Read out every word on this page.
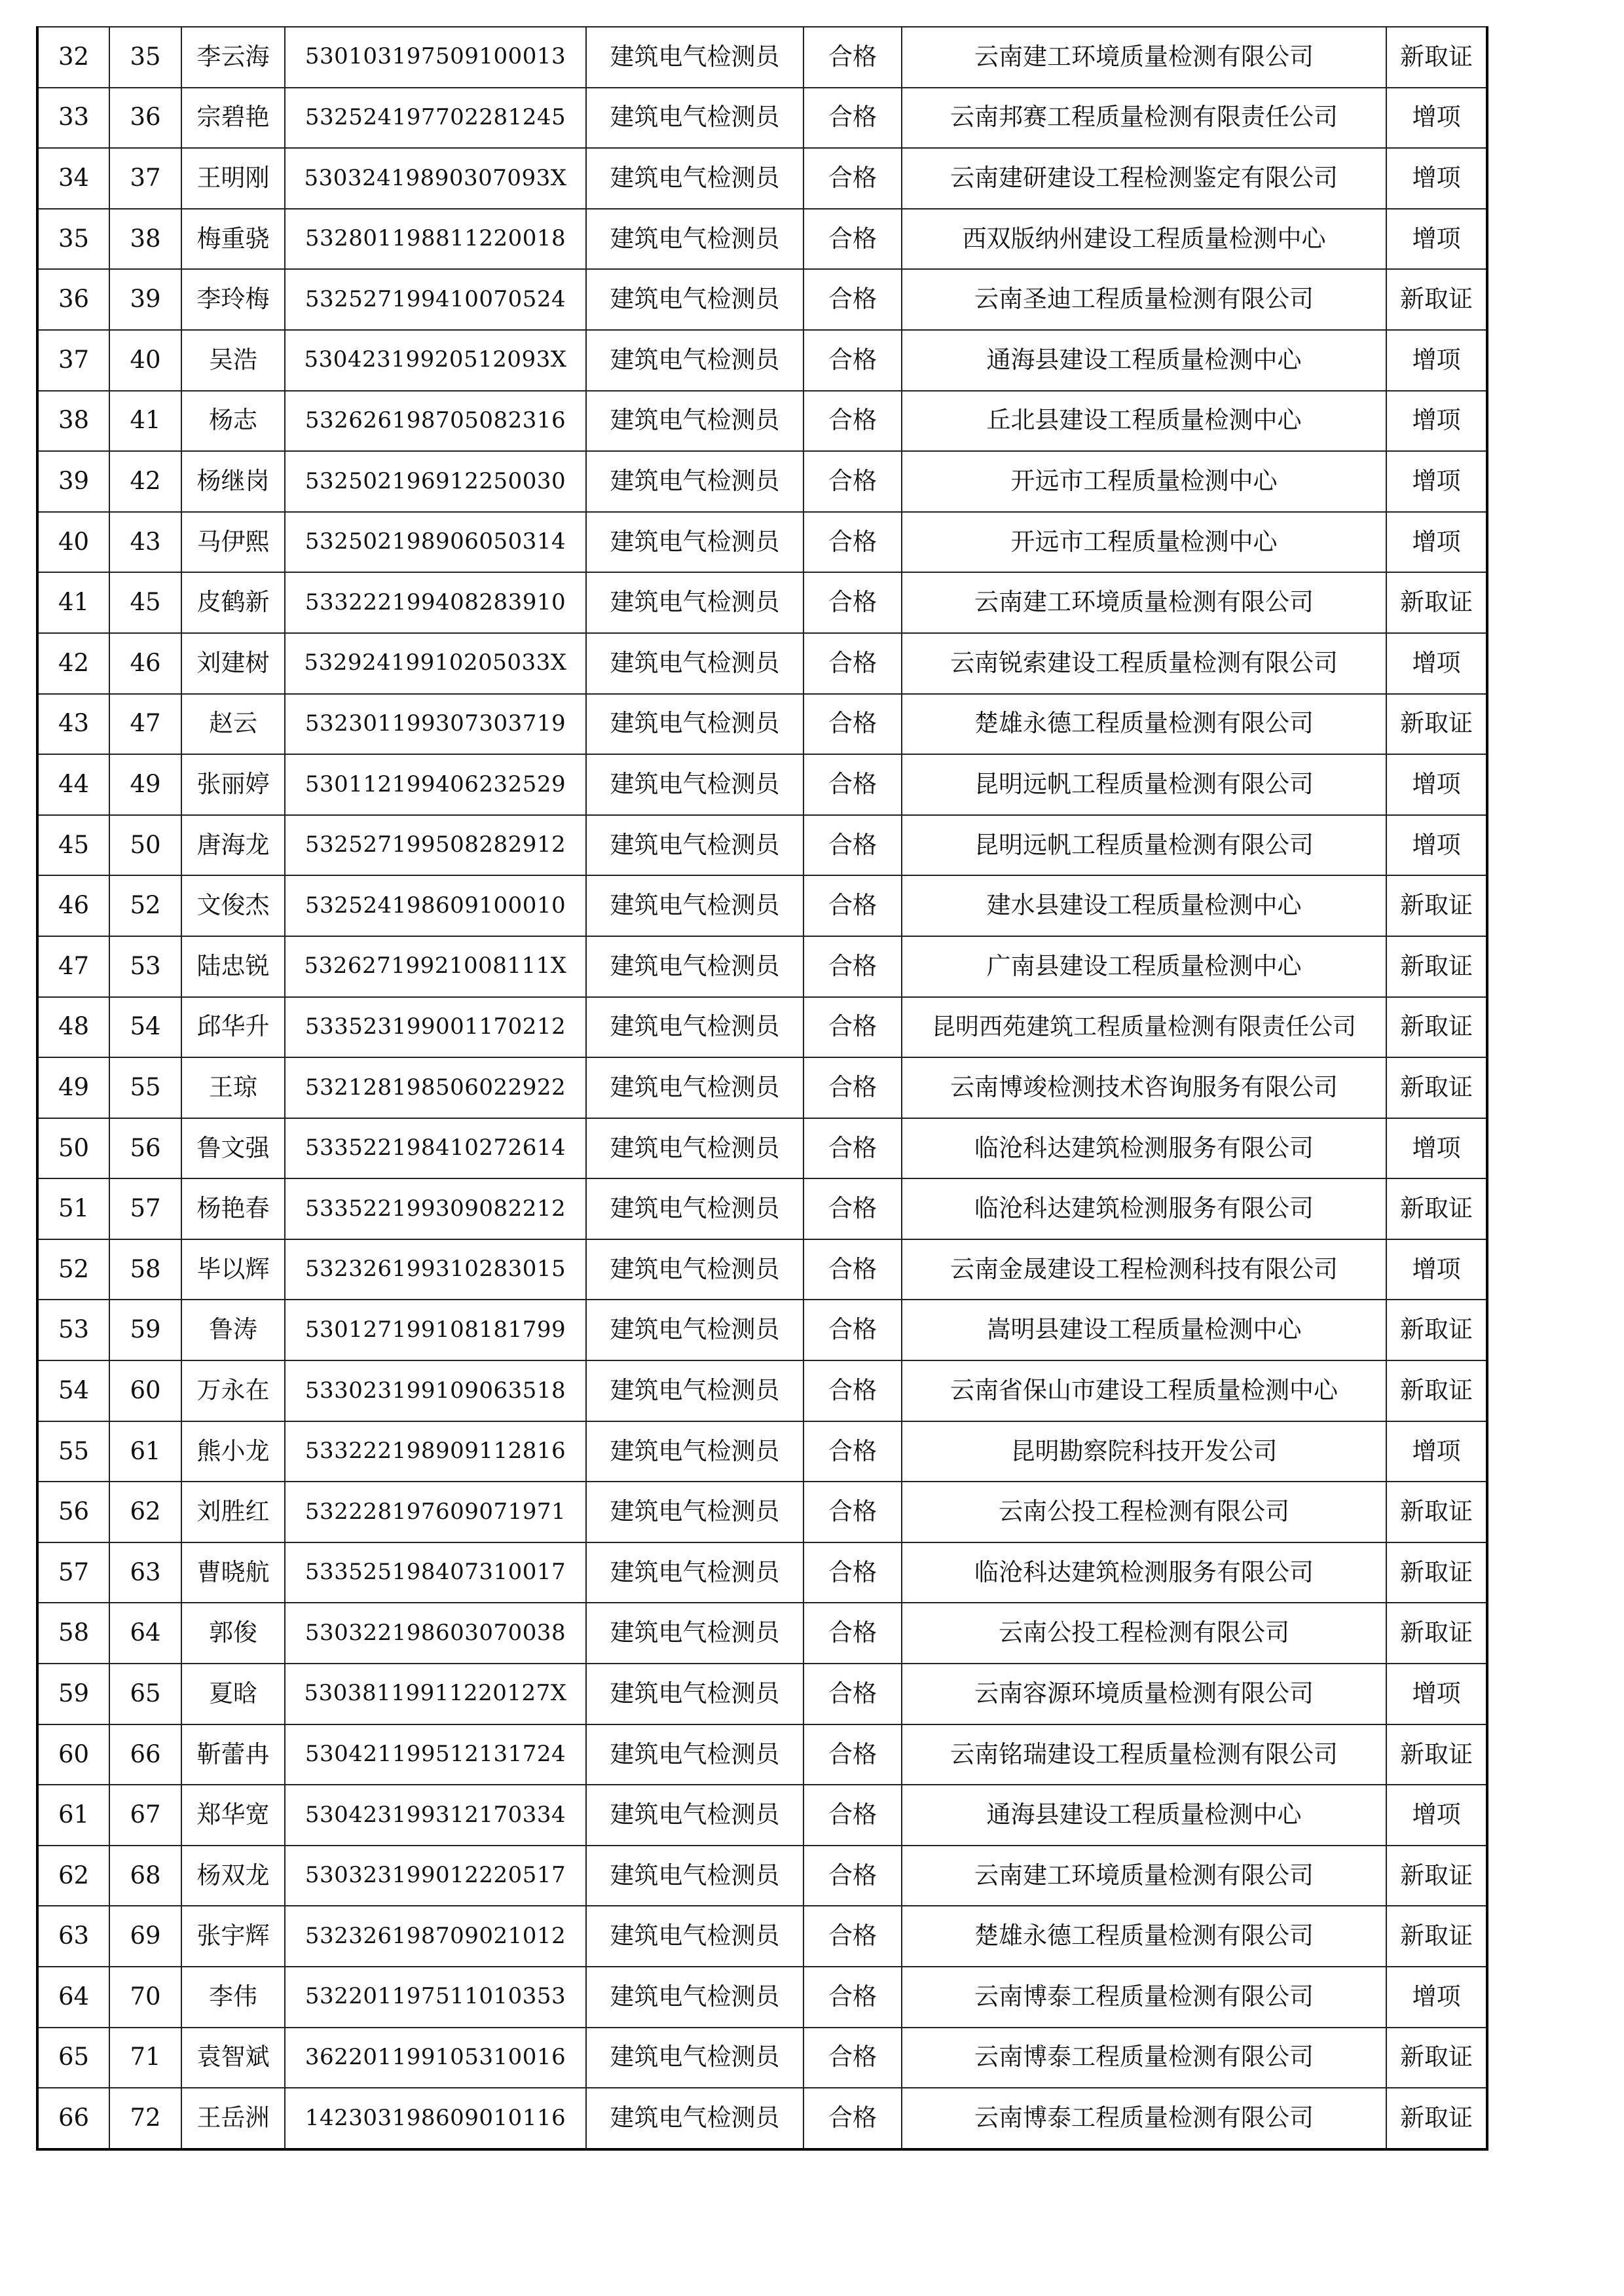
32	35	李云海	530103197509100013	建筑电气检测员	合格	云南建工环境质量检测有限公司	新取证
33	36	宗碧艳	532524197702281245	建筑电气检测员	合格	云南邦赛工程质量检测有限责任公司	增项
34	37	王明刚	53032419890307093X	建筑电气检测员	合格	云南建研建设工程检测鉴定有限公司	增项
35	38	梅重骁	532801198811220018	建筑电气检测员	合格	西双版纳州建设工程质量检测中心	增项
36	39	李玲梅	532527199410070524	建筑电气检测员	合格	云南圣迪工程质量检测有限公司	新取证
37	40	吴浩	53042319920512093X	建筑电气检测员	合格	通海县建设工程质量检测中心	增项
38	41	杨志	532626198705082316	建筑电气检测员	合格	丘北县建设工程质量检测中心	增项
39	42	杨继岗	532502196912250030	建筑电气检测员	合格	开远市工程质量检测中心	增项
40	43	马伊熙	532502198906050314	建筑电气检测员	合格	开远市工程质量检测中心	增项
41	45	皮鹤新	533222199408283910	建筑电气检测员	合格	云南建工环境质量检测有限公司	新取证
42	46	刘建树	53292419910205033X	建筑电气检测员	合格	云南锐索建设工程质量检测有限公司	增项
43	47	赵云	532301199307303719	建筑电气检测员	合格	楚雄永德工程质量检测有限公司	新取证
44	49	张丽婷	530112199406232529	建筑电气检测员	合格	昆明远帆工程质量检测有限公司	增项
45	50	唐海龙	532527199508282912	建筑电气检测员	合格	昆明远帆工程质量检测有限公司	增项
46	52	文俊杰	532524198609100010	建筑电气检测员	合格	建水县建设工程质量检测中心	新取证
47	53	陆忠锐	53262719921008111X	建筑电气检测员	合格	广南县建设工程质量检测中心	新取证
48	54	邱华升	533523199001170212	建筑电气检测员	合格	昆明西苑建筑工程质量检测有限责任公司	新取证
49	55	王琼	532128198506022922	建筑电气检测员	合格	云南博竣检测技术咨询服务有限公司	新取证
50	56	鲁文强	533522198410272614	建筑电气检测员	合格	临沧科达建筑检测服务有限公司	增项
51	57	杨艳春	533522199309082212	建筑电气检测员	合格	临沧科达建筑检测服务有限公司	新取证
52	58	毕以辉	532326199310283015	建筑电气检测员	合格	云南金晟建设工程检测科技有限公司	增项
53	59	鲁涛	530127199108181799	建筑电气检测员	合格	嵩明县建设工程质量检测中心	新取证
54	60	万永在	533023199109063518	建筑电气检测员	合格	云南省保山市建设工程质量检测中心	新取证
55	61	熊小龙	533222198909112816	建筑电气检测员	合格	昆明勘察院科技开发公司	增项
56	62	刘胜红	532228197609071971	建筑电气检测员	合格	云南公投工程检测有限公司	新取证
57	63	曹晓航	533525198407310017	建筑电气检测员	合格	临沧科达建筑检测服务有限公司	新取证
58	64	郭俊	530322198603070038	建筑电气检测员	合格	云南公投工程检测有限公司	新取证
59	65	夏晗	53038119911220127X	建筑电气检测员	合格	云南容源环境质量检测有限公司	增项
60	66	靳蕾冉	530421199512131724	建筑电气检测员	合格	云南铭瑞建设工程质量检测有限公司	新取证
61	67	郑华宽	530423199312170334	建筑电气检测员	合格	通海县建设工程质量检测中心	增项
62	68	杨双龙	530323199012220517	建筑电气检测员	合格	云南建工环境质量检测有限公司	新取证
63	69	张宇辉	532326198709021012	建筑电气检测员	合格	楚雄永德工程质量检测有限公司	新取证
64	70	李伟	532201197511010353	建筑电气检测员	合格	云南博泰工程质量检测有限公司	增项
65	71	袁智斌	362201199105310016	建筑电气检测员	合格	云南博泰工程质量检测有限公司	新取证
66	72	王岳洲	142303198609010116	建筑电气检测员	合格	云南博泰工程质量检测有限公司	新取证
